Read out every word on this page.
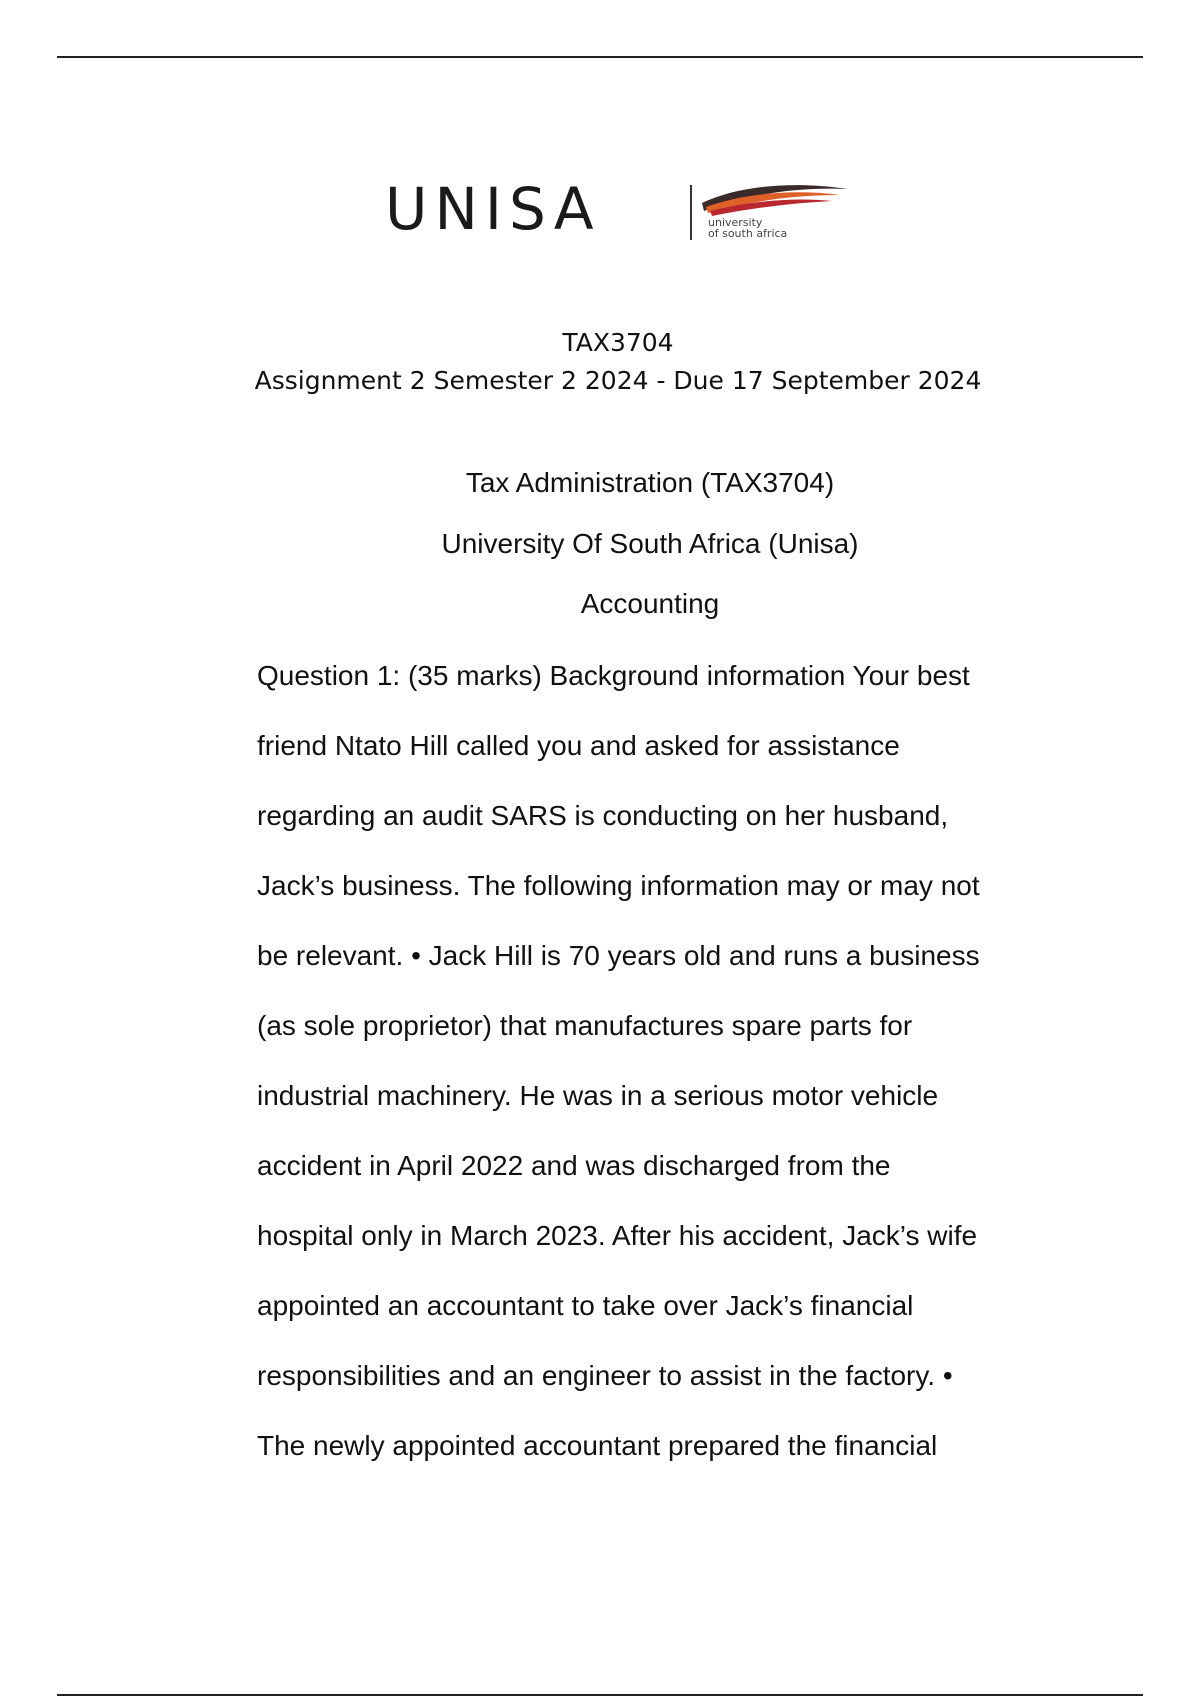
UNISA	university
of south africa
TAX3704
Assignment 2 Semester 2 2024 - Due 17 September 2024
Tax Administration (TAX3704)
University Of South Africa (Unisa)
Accounting
Question 1: (35 marks) Background information Your best
friend Ntato Hill called you and asked for assistance
regarding an audit SARS is conducting on her husband,
Jack’s business. The following information may or may not
be relevant. • Jack Hill is 70 years old and runs a business
(as sole proprietor) that manufactures spare parts for
industrial machinery. He was in a serious motor vehicle
accident in April 2022 and was discharged from the
hospital only in March 2023. After his accident, Jack’s wife
appointed an accountant to take over Jack’s financial
responsibilities and an engineer to assist in the factory. •
The newly appointed accountant prepared the financial
